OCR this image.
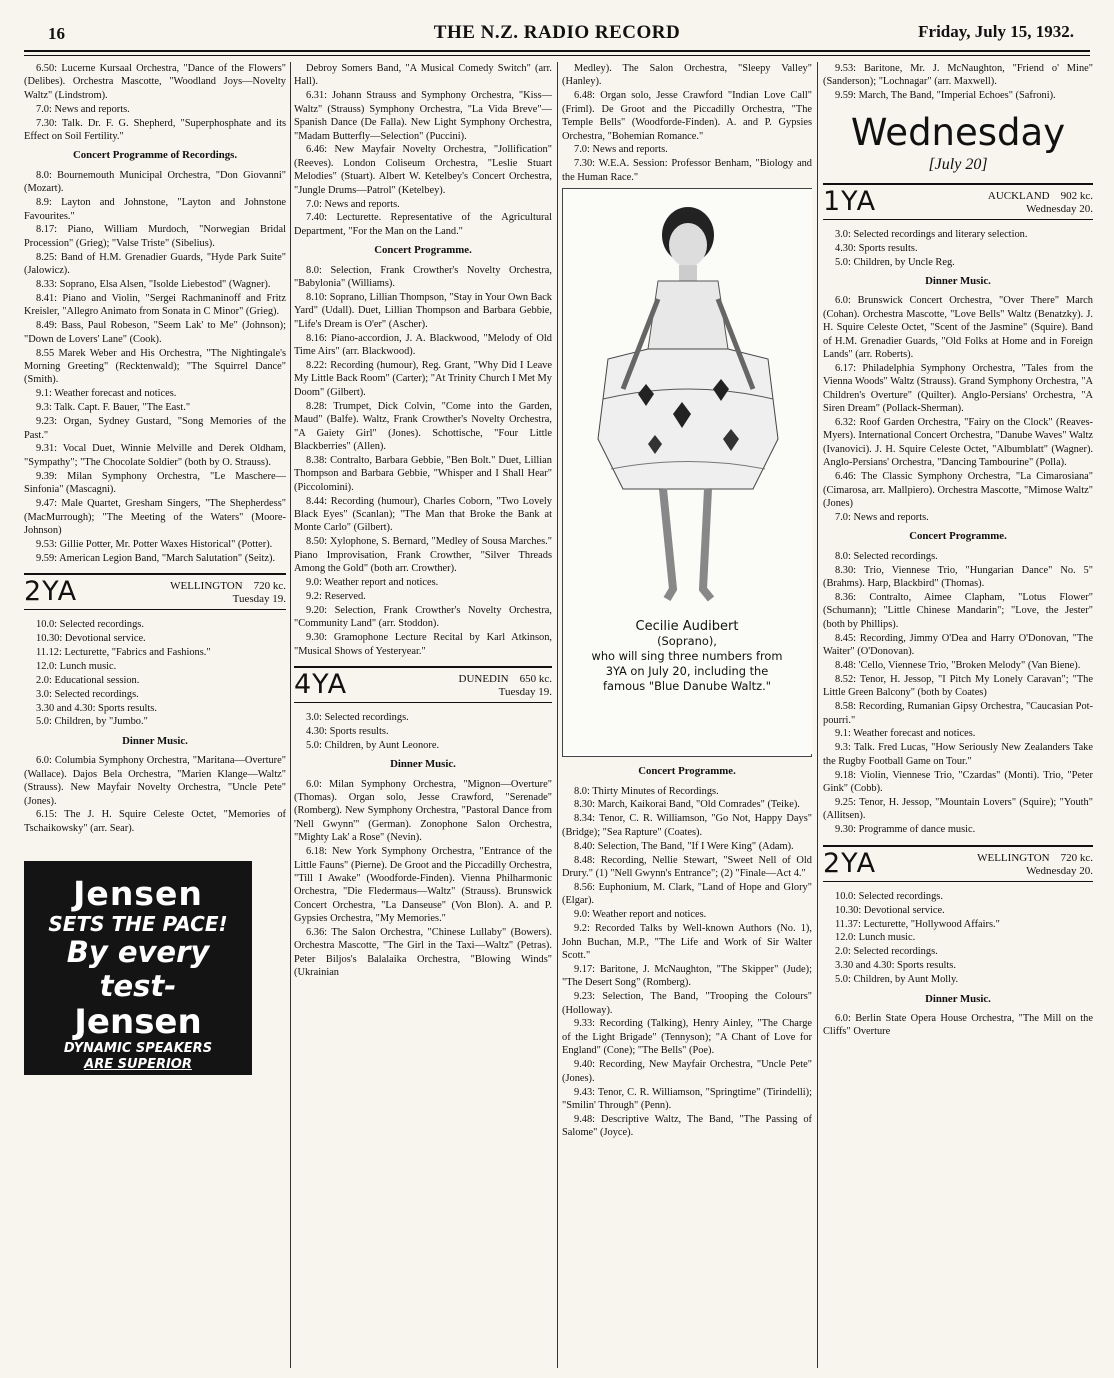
16	THE N.Z. RADIO RECORD	Friday, July 15, 1932.

6.50: Lucerne Kursaal Orchestra, "Dance of the Flowers" (Delibes). Orchestra Mascotte, "Woodland Joys—Novelty Waltz" (Lindstrom).

7.0: News and reports.

7.30: Talk. Dr. F. G. Shepherd, "Superphosphate and its Effect on Soil Fertility."

Concert Programme of Recordings.

8.0: Bournemouth Municipal Orchestra, "Don Giovanni" (Mozart).

8.9: Layton and Johnstone, "Layton and Johnstone Favourites."

8.17: Piano, William Murdoch, "Norwegian Bridal Procession" (Grieg); "Valse Triste" (Sibelius).

8.25: Band of H.M. Grenadier Guards, "Hyde Park Suite" (Jalowicz).

8.33: Soprano, Elsa Alsen, "Isolde Liebestod" (Wagner).

8.41: Piano and Violin, "Sergei Rachmaninoff and Fritz Kreisler, "Allegro Animato from Sonata in C Minor" (Grieg).

8.49: Bass, Paul Robeson, "Seem Lak' to Me" (Johnson); "Down de Lovers' Lane" (Cook).

8.55 Marek Weber and His Orchestra, "The Nightingale's Morning Greeting" (Recktenwald); "The Squirrel Dance" (Smith).

9.1: Weather forecast and notices.

9.3: Talk. Capt. F. Bauer, "The East."

9.23: Organ, Sydney Gustard, "Song Memories of the Past."

9.31: Vocal Duet, Winnie Melville and Derek Oldham, "Sympathy"; "The Chocolate Soldier" (both by O. Strauss).

9.39: Milan Symphony Orchestra, "Le Maschere—Sinfonia" (Mascagni).

9.47: Male Quartet, Gresham Singers, "The Shepherdess" (MacMurrough); "The Meeting of the Waters" (Moore-Johnson)

9.53: Gillie Potter, Mr. Potter Waxes Historical" (Potter).

9.59: American Legion Band, "March Salutation" (Seitz).

2YA	WELLINGTON 720 kc.
Tuesday 19.

10.0: Selected recordings.

10.30: Devotional service.

11.12: Lecturette, "Fabrics and Fashions."

12.0: Lunch music.

2.0: Educational session.

3.0: Selected recordings.

3.30 and 4.30: Sports results.

5.0: Children, by "Jumbo."

Dinner Music.

6.0: Columbia Symphony Orchestra, "Maritana—Overture" (Wallace). Dajos Bela Orchestra, "Marien Klange—Waltz" (Strauss). New Mayfair Novelty Orchestra, "Uncle Pete" (Jones).

6.15: The J. H. Squire Celeste Octet, "Memories of Tschaikowsky" (arr. Sear).

Jensen
SETS THE PACE!
By every test-
Jensen
DYNAMIC SPEAKERS
ARE SUPERIOR

Debroy Somers Band, "A Musical Comedy Switch" (arr. Hall).

6.31: Johann Strauss and Symphony Orchestra, "Kiss—Waltz" (Strauss) Symphony Orchestra, "La Vida Breve"—Spanish Dance (De Falla). New Light Symphony Orchestra, "Madam Butterfly—Selection" (Puccini).

6.46: New Mayfair Novelty Orchestra, "Jollification" (Reeves). London Coliseum Orchestra, "Leslie Stuart Melodies" (Stuart). Albert W. Ketelbey's Concert Orchestra, "Jungle Drums—Patrol" (Ketelbey).

7.0: News and reports.

7.40: Lecturette. Representative of the Agricultural Department, "For the Man on the Land."

Concert Programme.

8.0: Selection, Frank Crowther's Novelty Orchestra, "Babylonia" (Williams).

8.10: Soprano, Lillian Thompson, "Stay in Your Own Back Yard" (Udall). Duet, Lillian Thompson and Barbara Gebbie, "Life's Dream is O'er" (Ascher).

8.16: Piano-accordion, J. A. Blackwood, "Melody of Old Time Airs" (arr. Blackwood).

8.22: Recording (humour), Reg. Grant, "Why Did I Leave My Little Back Room" (Carter); "At Trinity Church I Met My Doom" (Gilbert).

8.28: Trumpet, Dick Colvin, "Come into the Garden, Maud" (Balfe). Waltz, Frank Crowther's Novelty Orchestra, "A Gaiety Girl" (Jones). Schottische, "Four Little Blackberries" (Allen).

8.38: Contralto, Barbara Gebbie, "Ben Bolt." Duet, Lillian Thompson and Barbara Gebbie, "Whisper and I Shall Hear" (Piccolomini).

8.44: Recording (humour), Charles Coborn, "Two Lovely Black Eyes" (Scanlan); "The Man that Broke the Bank at Monte Carlo" (Gilbert).

8.50: Xylophone, S. Bernard, "Medley of Sousa Marches." Piano Improvisation, Frank Crowther, "Silver Threads Among the Gold" (both arr. Crowther).

9.0: Weather report and notices.

9.2: Reserved.

9.20: Selection, Frank Crowther's Novelty Orchestra, "Community Land" (arr. Stoddon).

9.30: Gramophone Lecture Recital by Karl Atkinson, "Musical Shows of Yesteryear."

4YA	DUNEDIN 650 kc.
Tuesday 19.

3.0: Selected recordings.

4.30: Sports results.

5.0: Children, by Aunt Leonore.

Dinner Music.

6.0: Milan Symphony Orchestra, "Mignon—Overture" (Thomas). Organ solo, Jesse Crawford, "Serenade" (Romberg). New Symphony Orchestra, "Pastoral Dance from 'Nell Gwynn'" (German). Zonophone Salon Orchestra, "Mighty Lak' a Rose" (Nevin).

6.18: New York Symphony Orchestra, "Entrance of the Little Fauns" (Pierne). De Groot and the Piccadilly Orchestra, "Till I Awake" (Woodforde-Finden). Vienna Philharmonic Orchestra, "Die Fledermaus—Waltz" (Strauss). Brunswick Concert Orchestra, "La Danseuse" (Von Blon). A. and P. Gypsies Orchestra, "My Memories."

6.36: The Salon Orchestra, "Chinese Lullaby" (Bowers). Orchestra Mascotte, "The Girl in the Taxi—Waltz" (Petras). Peter Biljos's Balalaika Orchestra, "Blowing Winds" (Ukrainian

Medley). The Salon Orchestra, "Sleepy Valley" (Hanley).

6.48: Organ solo, Jesse Crawford "Indian Love Call" (Friml). De Groot and the Piccadilly Orchestra, "The Temple Bells" (Woodforde-Finden). A. and P. Gypsies Orchestra, "Bohemian Romance."

7.0: News and reports.

7.30: W.E.A. Session: Professor Benham, "Biology and the Human Race."

Cecilie Audibert
(Soprano),
who will sing three numbers from 3YA on July 20, including the famous "Blue Danube Waltz."
Concert Programme.

8.0: Thirty Minutes of Recordings.

8.30: March, Kaikorai Band, "Old Comrades" (Teike).

8.34: Tenor, C. R. Williamson, "Go Not, Happy Days" (Bridge); "Sea Rapture" (Coates).

8.40: Selection, The Band, "If I Were King" (Adam).

8.48: Recording, Nellie Stewart, "Sweet Nell of Old Drury." (1) "Nell Gwynn's Entrance"; (2) "Finale—Act 4."

8.56: Euphonium, M. Clark, "Land of Hope and Glory" (Elgar).

9.0: Weather report and notices.

9.2: Recorded Talks by Well-known Authors (No. 1), John Buchan, M.P., "The Life and Work of Sir Walter Scott."

9.17: Baritone, J. McNaughton, "The Skipper" (Jude); "The Desert Song" (Romberg).

9.23: Selection, The Band, "Trooping the Colours" (Holloway).

9.33: Recording (Talking), Henry Ainley, "The Charge of the Light Brigade" (Tennyson); "A Chant of Love for England" (Cone); "The Bells" (Poe).

9.40: Recording, New Mayfair Orchestra, "Uncle Pete" (Jones).

9.43: Tenor, C. R. Williamson, "Springtime" (Tirindelli); "Smilin' Through" (Penn).

9.48: Descriptive Waltz, The Band, "The Passing of Salome" (Joyce).

9.53: Baritone, Mr. J. McNaughton, "Friend o' Mine" (Sanderson); "Lochnagar" (arr. Maxwell).

9.59: March, The Band, "Imperial Echoes" (Safroni).

Wednesday
[July 20]
1YA	AUCKLAND 902 kc.
Wednesday 20.

3.0: Selected recordings and literary selection.

4.30: Sports results.

5.0: Children, by Uncle Reg.

Dinner Music.

6.0: Brunswick Concert Orchestra, "Over There" March (Cohan). Orchestra Mascotte, "Love Bells" Waltz (Benatzky). J. H. Squire Celeste Octet, "Scent of the Jasmine" (Squire). Band of H.M. Grenadier Guards, "Old Folks at Home and in Foreign Lands" (arr. Roberts).

6.17: Philadelphia Symphony Orchestra, "Tales from the Vienna Woods" Waltz (Strauss). Grand Symphony Orchestra, "A Children's Overture" (Quilter). Anglo-Persians' Orchestra, "A Siren Dream" (Pollack-Sherman).

6.32: Roof Garden Orchestra, "Fairy on the Clock" (Reaves-Myers). International Concert Orchestra, "Danube Waves" Waltz (Ivanovici). J. H. Squire Celeste Octet, "Albumblatt" (Wagner). Anglo-Persians' Orchestra, "Dancing Tambourine" (Polla).

6.46: The Classic Symphony Orchestra, "La Cimarosiana" (Cimarosa, arr. Mallpiero). Orchestra Mascotte, "Mimose Waltz" (Jones)

7.0: News and reports.

Concert Programme.

8.0: Selected recordings.

8.30: Trio, Viennese Trio, "Hungarian Dance" No. 5" (Brahms). Harp, Blackbird" (Thomas).

8.36: Contralto, Aimee Clapham, "Lotus Flower" (Schumann); "Little Chinese Mandarin"; "Love, the Jester" (both by Phillips).

8.45: Recording, Jimmy O'Dea and Harry O'Donovan, "The Waiter" (O'Donovan).

8.48: 'Cello, Viennese Trio, "Broken Melody" (Van Biene).

8.52: Tenor, H. Jessop, "I Pitch My Lonely Caravan"; "The Little Green Balcony" (both by Coates)

8.58: Recording, Rumanian Gipsy Orchestra, "Caucasian Pot-pourri."

9.1: Weather forecast and notices.

9.3: Talk. Fred Lucas, "How Seriously New Zealanders Take the Rugby Football Game on Tour."

9.18: Violin, Viennese Trio, "Czardas" (Monti). Trio, "Peter Gink" (Cobb).

9.25: Tenor, H. Jessop, "Mountain Lovers" (Squire); "Youth" (Allitsen).

9.30: Programme of dance music.

2YA	WELLINGTON 720 kc.
Wednesday 20.

10.0: Selected recordings.

10.30: Devotional service.

11.37: Lecturette, "Hollywood Affairs."

12.0: Lunch music.

2.0: Selected recordings.

3.30 and 4.30: Sports results.

5.0: Children, by Aunt Molly.

Dinner Music.

6.0: Berlin State Opera House Orchestra, "The Mill on the Cliffs" Overture
